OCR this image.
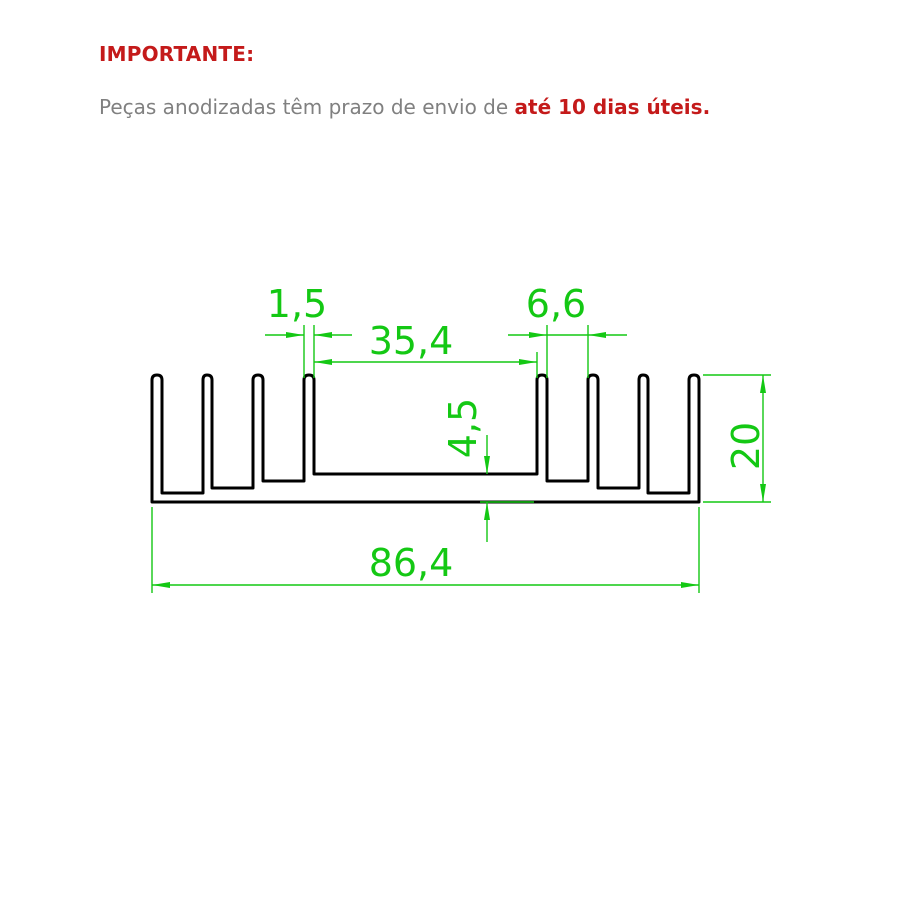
IMPORTANTE:
Peças anodizadas têm prazo de envio de até 10 dias úteis.
1,5
35,4
6,6
4,5	20
86,4
